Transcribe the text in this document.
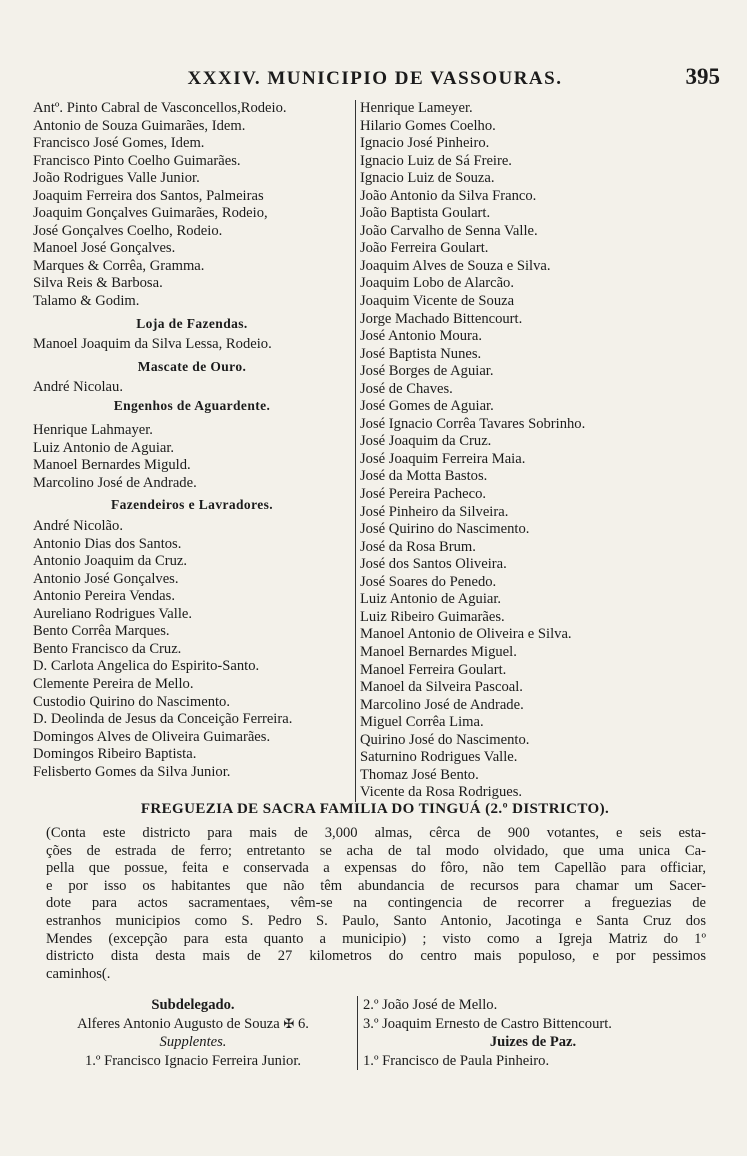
XXXIV. MUNICIPIO DE VASSOURAS.	395
Antº. Pinto Cabral de Vasconcellos,Rodeio.
Antonio de Souza Guimarães, Idem.
Francisco José Gomes, Idem.
Francisco Pinto Coelho Guimarães.
João Rodrigues Valle Junior.
Joaquim Ferreira dos Santos, Palmeiras
Joaquim Gonçalves Guimarães, Rodeio,
José Gonçalves Coelho, Rodeio.
Manoel José Gonçalves.
Marques & Corrêa, Gramma.
Silva Reis & Barbosa.
Talamo & Godim.
Loja de Fazendas.
Manoel Joaquim da Silva Lessa, Rodeio.
Mascate de Ouro.
André Nicolau.
Engenhos de Aguardente.
Henrique Lahmayer.
Luiz Antonio de Aguiar.
Manoel Bernardes Miguld.
Marcolino José de Andrade.
Fazendeiros e Lavradores.
André Nicolão.
Antonio Dias dos Santos.
Antonio Joaquim da Cruz.
Antonio José Gonçalves.
Antonio Pereira Vendas.
Aureliano Rodrigues Valle.
Bento Corrêa Marques.
Bento Francisco da Cruz.
D. Carlota Angelica do Espirito-Santo.
Clemente Pereira de Mello.
Custodio Quirino do Nascimento.
D. Deolinda de Jesus da Conceição Ferreira.
Domingos Alves de Oliveira Guimarães.
Domingos Ribeiro Baptista.
Felisberto Gomes da Silva Junior.
Henrique Lameyer.
Hilario Gomes Coelho.
Ignacio José Pinheiro.
Ignacio Luiz de Sá Freire.
Ignacio Luiz de Souza.
João Antonio da Silva Franco.
João Baptista Goulart.
João Carvalho de Senna Valle.
João Ferreira Goulart.
Joaquim Alves de Souza e Silva.
Joaquim Lobo de Alarcão.
Joaquim Vicente de Souza
Jorge Machado Bittencourt.
José Antonio Moura.
José Baptista Nunes.
José Borges de Aguiar.
José de Chaves.
José Gomes de Aguiar.
José Ignacio Corrêa Tavares Sobrinho.
José Joaquim da Cruz.
José Joaquim Ferreira Maia.
José da Motta Bastos.
José Pereira Pacheco.
José Pinheiro da Silveira.
José Quirino do Nascimento.
José da Rosa Brum.
José dos Santos Oliveira.
José Soares do Penedo.
Luiz Antonio de Aguiar.
Luiz Ribeiro Guimarães.
Manoel Antonio de Oliveira e Silva.
Manoel Bernardes Miguel.
Manoel Ferreira Goulart.
Manoel da Silveira Pascoal.
Marcolino José de Andrade.
Miguel Corrêa Lima.
Quirino José do Nascimento.
Saturnino Rodrigues Valle.
Thomaz José Bento.
Vicente da Rosa Rodrigues.
FREGUEZIA DE SACRA FAMILIA DO TINGUÁ (2.º DISTRICTO).
(Conta este districto para mais de 3,000 almas, cêrca de 900 votantes, e seis esta-
ções de estrada de ferro; entretanto se acha de tal modo olvidado, que uma unica Ca-
pella que possue, feita e conservada a expensas do fôro, não tem Capellão para officiar,
e por isso os habitantes que não têm abundancia de recursos para chamar um Sacer-
dote para actos sacramentaes, vêm-se na contingencia de recorrer a freguezias de
estranhos municipios como S. Pedro S. Paulo, Santo Antonio, Jacotinga e Santa Cruz dos
Mendes (excepção para esta quanto a municipio) ; visto como a Igreja Matriz do 1º
districto dista desta mais de 27 kilometros do centro mais populoso, e por pessimos
caminhos(.
Subdelegado.
Alferes Antonio Augusto de Souza ✠ 6.
Supplentes.
1.º Francisco Ignacio Ferreira Junior.
2.º João José de Mello.
3.º Joaquim Ernesto de Castro Bittencourt.
Juizes de Paz.
1.º Francisco de Paula Pinheiro.
